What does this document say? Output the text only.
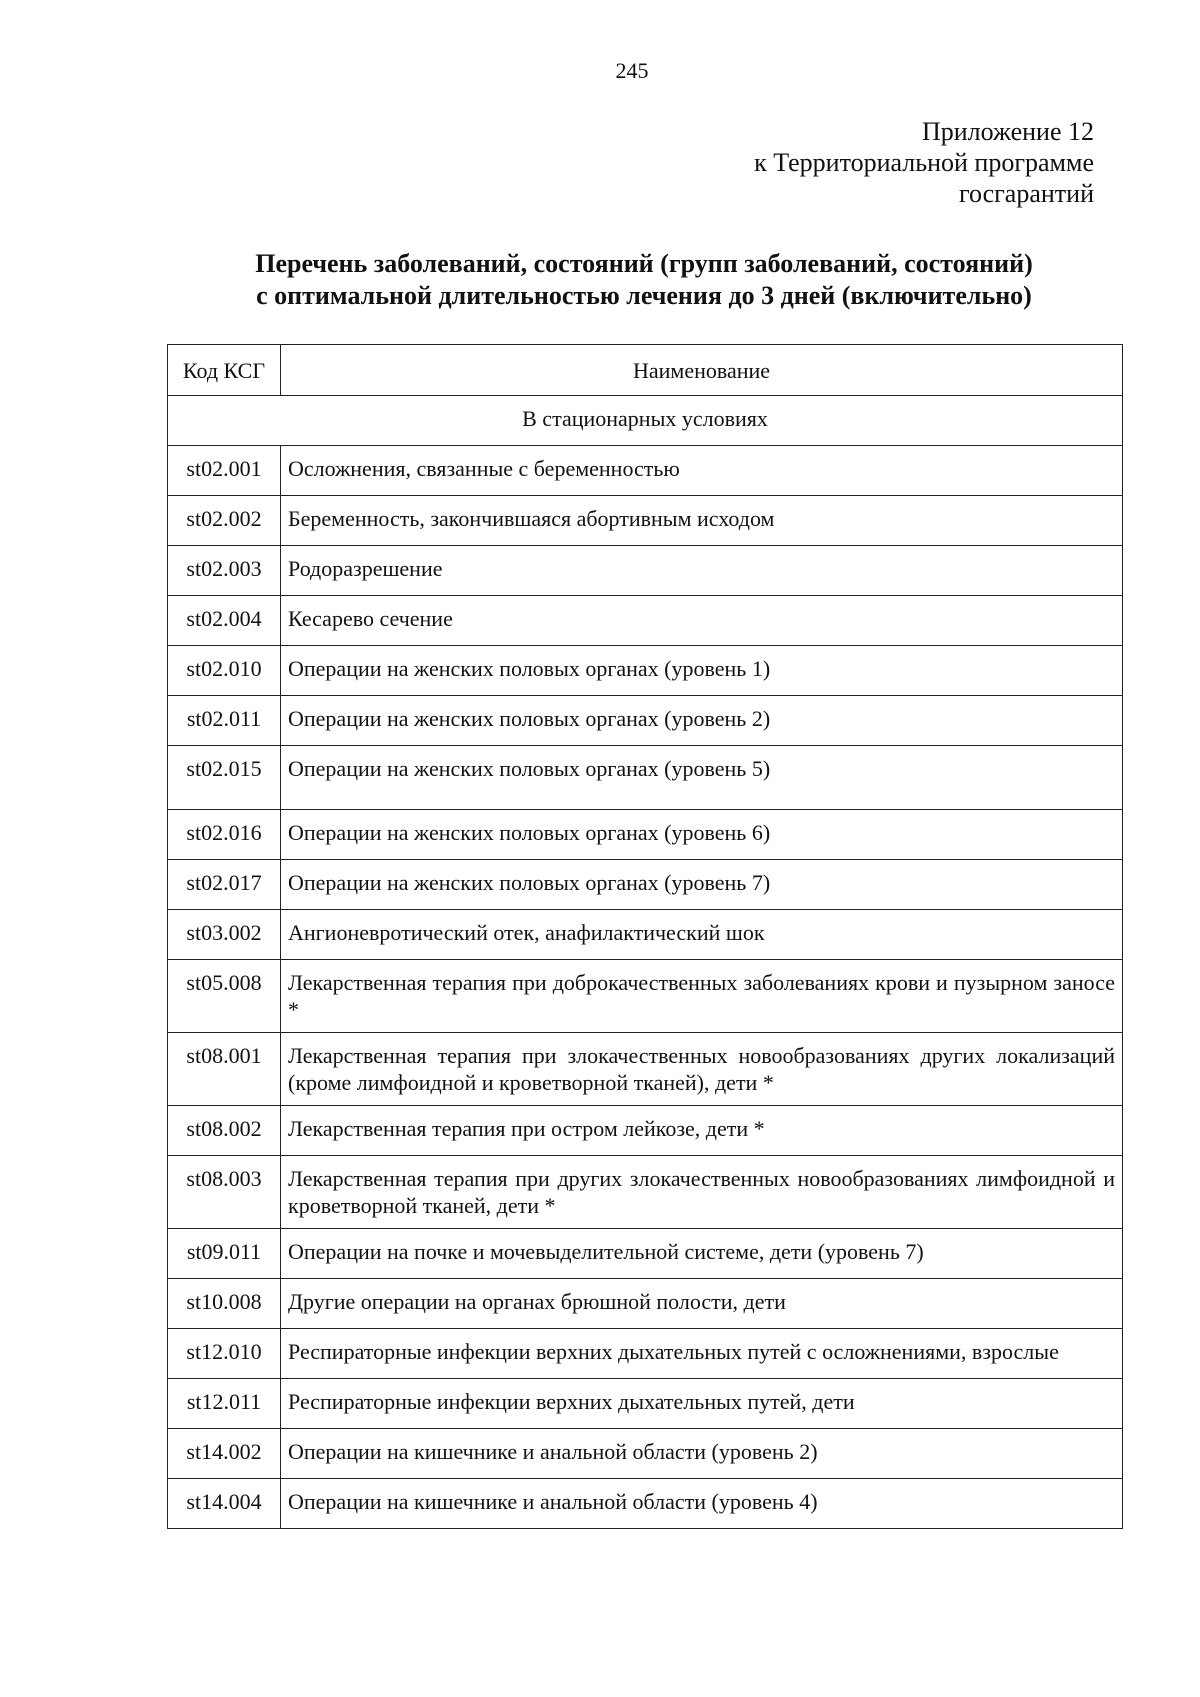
245
Приложение 12
к Территориальной программе
госгарантий
Перечень заболеваний, состояний (групп заболеваний, состояний)
с оптимальной длительностью лечения до 3 дней (включительно)
Код КСГ	Наименование
В стационарных условиях	
st02.001	Осложнения, связанные с беременностью
st02.002	Беременность, закончившаяся абортивным исходом
st02.003	Родоразрешение
st02.004	Кесарево сечение
st02.010	Операции на женских половых органах (уровень 1)
st02.011	Операции на женских половых органах (уровень 2)
st02.015	Операции на женских половых органах (уровень 5)
st02.016	Операции на женских половых органах (уровень 6)
st02.017	Операции на женских половых органах (уровень 7)
st03.002	Ангионевротический отек, анафилактический шок
st05.008	Лекарственная терапия при доброкачественных заболеваниях крови и пузырном заносе *
st08.001	Лекарственная терапия при злокачественных новообразованиях других локализаций (кроме лимфоидной и кроветворной тканей), дети *
st08.002	Лекарственная терапия при остром лейкозе, дети *
st08.003	Лекарственная терапия при других злокачественных новообразованиях лимфоидной и кроветворной тканей, дети *
st09.011	Операции на почке и мочевыделительной системе, дети (уровень 7)
st10.008	Другие операции на органах брюшной полости, дети
st12.010	Респираторные инфекции верхних дыхательных путей с осложнениями, взрослые
st12.011	Респираторные инфекции верхних дыхательных путей, дети
st14.002	Операции на кишечнике и анальной области (уровень 2)
st14.004	Операции на кишечнике и анальной области (уровень 4)
